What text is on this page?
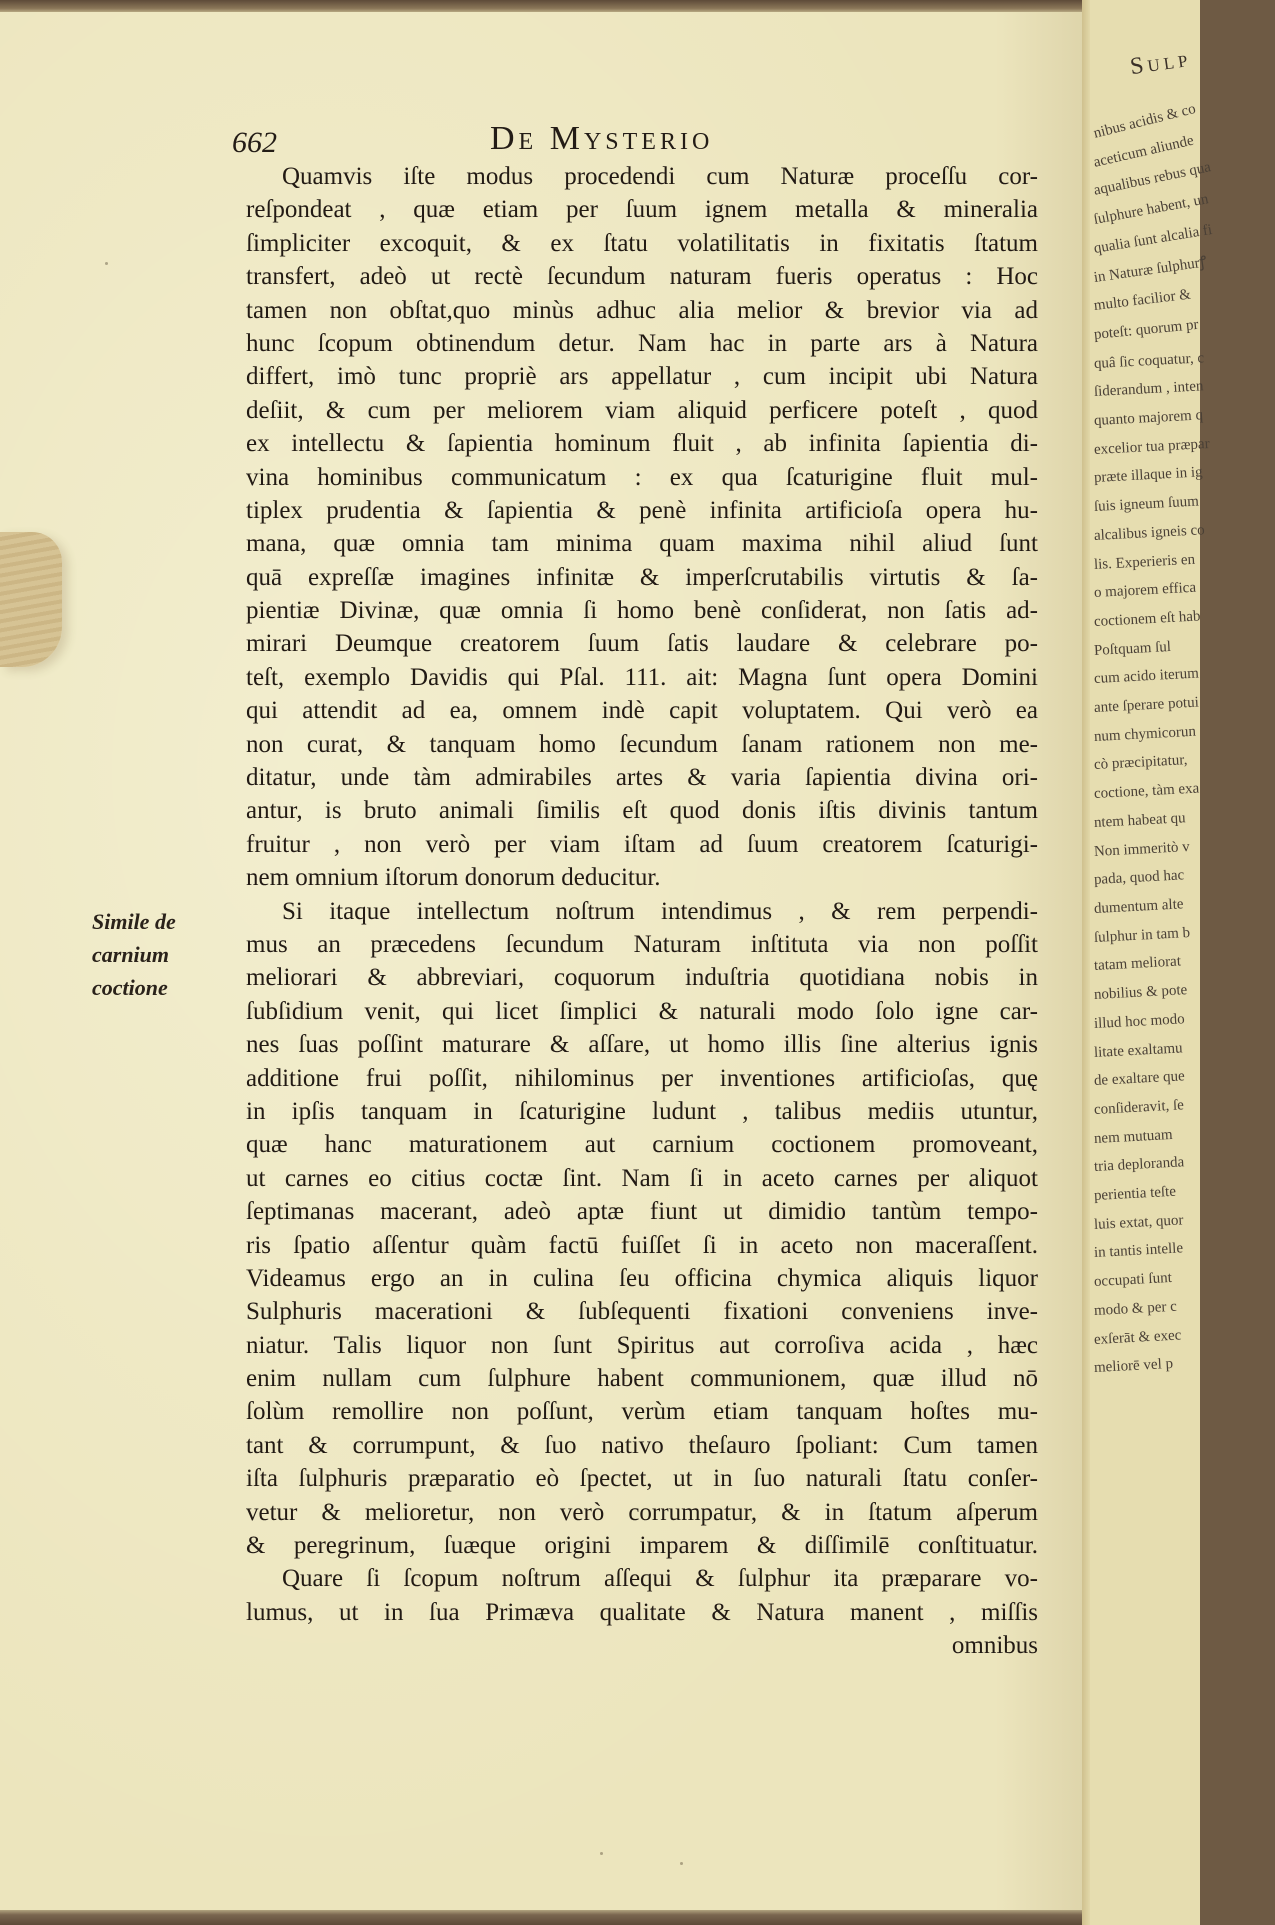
662	De Mysterio
Simile de
carnium
coctione
Quamvis iſte modus procedendi cum Naturæ proceſſu cor-
reſpondeat , quæ etiam per ſuum ignem metalla & mineralia
ſimpliciter excoquit, & ex ſtatu volatilitatis in fixitatis ſtatum
transfert, adeò ut rectè ſecundum naturam fueris operatus : Hoc
tamen non obſtat,quo minùs adhuc alia melior & brevior via ad
hunc ſcopum obtinendum detur. Nam hac in parte ars à Natura
differt, imò tunc propriè ars appellatur , cum incipit ubi Natura
deſiit, & cum per meliorem viam aliquid perficere poteſt , quod
ex intellectu & ſapientia hominum fluit , ab infinita ſapientia di-
vina hominibus communicatum : ex qua ſcaturigine fluit mul-
tiplex prudentia & ſapientia & penè infinita artificioſa opera hu-
mana, quæ omnia tam minima quam maxima nihil aliud ſunt
quā expreſſæ imagines infinitæ & imperſcrutabilis virtutis & ſa-
pientiæ Divinæ, quæ omnia ſi homo benè conſiderat, non ſatis ad-
mirari Deumque creatorem ſuum ſatis laudare & celebrare po-
teſt, exemplo Davidis qui Pſal. 111. ait: Magna ſunt opera Domini
qui attendit ad ea, omnem indè capit voluptatem. Qui verò ea
non curat, & tanquam homo ſecundum ſanam rationem non me-
ditatur, unde tàm admirabiles artes & varia ſapientia divina ori-
antur, is bruto animali ſimilis eſt quod donis iſtis divinis tantum
fruitur , non verò per viam iſtam ad ſuum creatorem ſcaturigi-
nem omnium iſtorum donorum deducitur.
Si itaque intellectum noſtrum intendimus , & rem perpendi-
mus an præcedens ſecundum Naturam inſtituta via non poſſit
meliorari & abbreviari, coquorum induſtria quotidiana nobis in
ſubſidium venit, qui licet ſimplici & naturali modo ſolo igne car-
nes ſuas poſſint maturare & aſſare, ut homo illis ſine alterius ignis
additione frui poſſit, nihilominus per inventiones artificioſas, quę
in ipſis tanquam in ſcaturigine ludunt , talibus mediis utuntur,
quæ hanc maturationem aut carnium coctionem promoveant,
ut carnes eo citius coctæ ſint. Nam ſi in aceto carnes per aliquot
ſeptimanas macerant, adeò aptæ fiunt ut dimidio tantùm tempo-
ris ſpatio aſſentur quàm factū fuiſſet ſi in aceto non maceraſſent.
Videamus ergo an in culina ſeu officina chymica aliquis liquor
Sulphuris macerationi & ſubſequenti fixationi conveniens inve-
niatur. Talis liquor non ſunt Spiritus aut corroſiva acida , hæc
enim nullam cum ſulphure habent communionem, quæ illud nō
ſolùm remollire non poſſunt, verùm etiam tanquam hoſtes mu-
tant & corrumpunt, & ſuo nativo theſauro ſpoliant: Cum tamen
iſta ſulphuris præparatio eò ſpectet, ut in ſuo naturali ſtatu conſer-
vetur & melioretur, non verò corrumpatur, & in ſtatum aſperum
& peregrinum, ſuæque origini imparem & diſſimilē conſtituatur.
Quare ſi ſcopum noſtrum aſſequi & ſulphur ita præparare vo-
lumus, ut in ſua Primæva qualitate & Natura manent , miſſis
omnibus
Sulp
nibus acidis & co
aceticum aliunde
aqualibus rebus qua
ſulphure habent, un
qualia ſunt alcalia fi
in Naturæ ſulphurꝭ
multo facilior &
poteſt: quorum pr
quâ ſic coquatur, c
ſiderandum , inten
quanto majorem q
excelior tua præpar
præte illaque in ig
ſuis igneum ſuum
alcalibus igneis co
lis. Experieris en
o majorem effica
coctionem eſt hab
Poſtquam ſul
cum acido iterum
ante ſperare potui
num chymicorun
cò præcipitatur,
coctione, tàm exa
ntem habeat qu
Non immeritò v
pada, quod hac
dumentum alte
ſulphur in tam b
tatam meliorat
nobilius & pote
illud hoc modo
litate exaltamu
de exaltare que
conſideravit, ſe
nem mutuam
tria deploranda
perientia teſte
luis extat, quor
in tantis intelle
occupati ſunt
modo & per c
exſerāt & exec
meliorē vel p
